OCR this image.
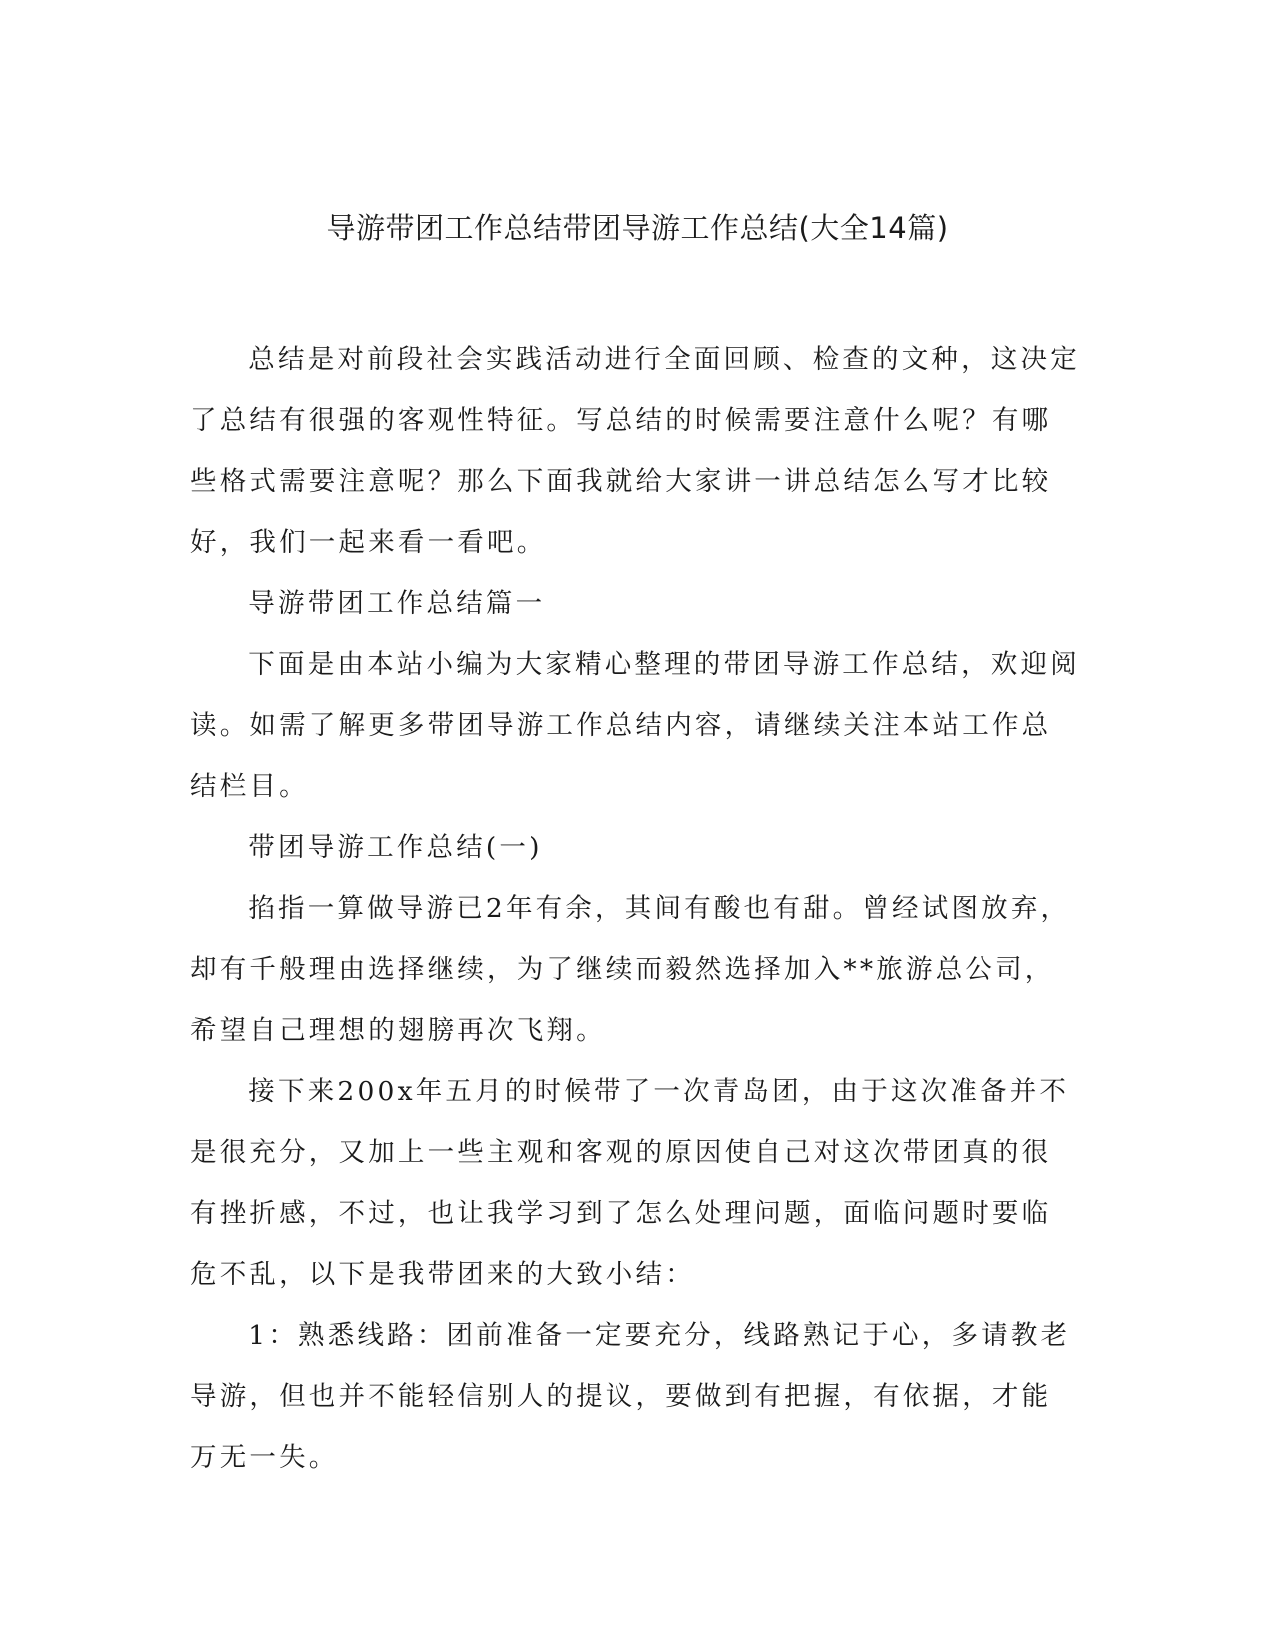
导游带团工作总结带团导游工作总结(大全14篇)

总结是对前段社会实践活动进行全面回顾、检查的文种，这决定了总结有很强的客观性特征。写总结的时候需要注意什么呢？有哪些格式需要注意呢？那么下面我就给大家讲一讲总结怎么写才比较好，我们一起来看一看吧。

导游带团工作总结篇一

下面是由本站小编为大家精心整理的带团导游工作总结，欢迎阅读。如需了解更多带团导游工作总结内容，请继续关注本站工作总结栏目。

带团导游工作总结(一)

掐指一算做导游已2年有余，其间有酸也有甜。曾经试图放弃，却有千般理由选择继续，为了继续而毅然选择加入**旅游总公司，希望自己理想的翅膀再次飞翔。

接下来200x年五月的时候带了一次青岛团，由于这次准备并不是很充分，又加上一些主观和客观的原因使自己对这次带团真的很有挫折感，不过，也让我学习到了怎么处理问题，面临问题时要临危不乱，以下是我带团来的大致小结：

1：熟悉线路：团前准备一定要充分，线路熟记于心，多请教老导游，但也并不能轻信别人的提议，要做到有把握，有依据，才能万无一失。
